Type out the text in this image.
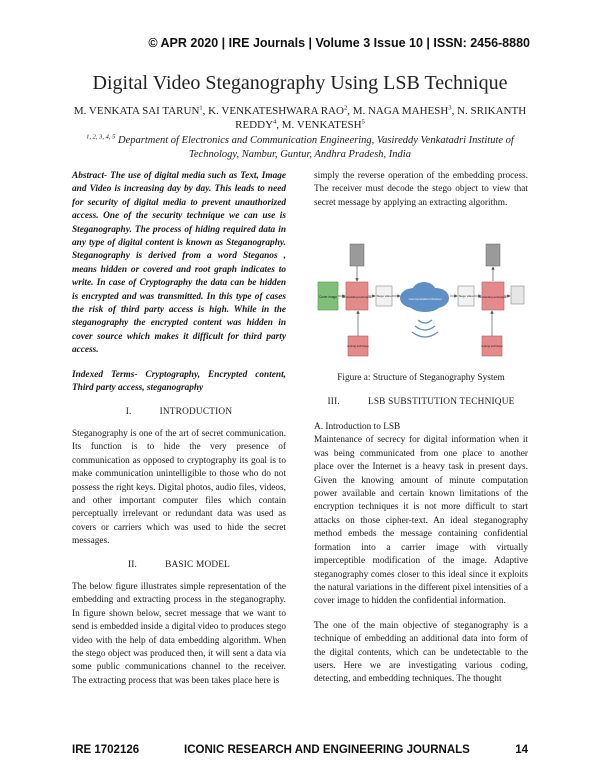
© APR 2020 | IRE Journals | Volume 3 Issue 10 | ISSN: 2456-8880
Digital Video Steganography Using LSB Technique
M. VENKATA SAI TARUN$^1$, K. VENKATESHWARA RAO$^2$, M. NAGA MAHESH$^3$, N. SRIKANTH REDDY$^4$, M. VENKATESH$^5$
$^{1, 2, 3, 4, 5}$ Department of Electronics and Communication Engineering, Vasireddy Venkatadri Institute of Technology, Nambur, Guntur, Andhra Pradesh, India

Abstract- The use of digital media such as Text, Image and Video is increasing day by day. This leads to need for security of digital media to prevent unauthorized access. One of the security technique we can use is Steganography. The process of hiding required data in any type of digital content is known as Steganography. Steganography is derived from a word Steganos , means hidden or covered and root graph indicates to write. In case of Cryptography the data can be hidden is encrypted and was transmitted. In this type of cases the risk of third party access is high. While in the steganography the encrypted content was hidden in cover source which makes it difficult for third party access.

Indexed Terms- Cryptography, Encrypted content, Third party access, steganography

I.	INTRODUCTION

Steganography is one of the art of secret communication. Its function is to hide the very presence of communication as opposed to cryptography its goal is to make communication unintelligible to those who do not possess the right keys. Digital photos, audio files, videos, and other important computer files which contain perceptually irrelevant or redundant data was used as covers or carriers which was used to hide the secret messages.

II.	BASIC MODEL

The below figure illustrates simple representation of the embedding and extracting process in the steganography. In figure shown below, secret message that we want to send is embedded inside a digital video to produces stego video with the help of data embedding algorithm. When the stego object was produced then, it will sent a data via some public communications channel to the receiver. The extracting process that was been takes place here is

simply the reverse operation of the embedding process. The receiver must decode the stego object to view that secret message by applying an extracting algorithm.

Cover image Embedding technique Stego video
Communication Channel
Stego video Extracting technique
Coding technique	Coding technique
Figure a: Structure of Steganography System
III.	LSB SUBSTITUTION TECHNIQUE
A. Introduction to LSB

Maintenance of secrecy for digital information when it was being communicated from one place to another place over the Internet is a heavy task in present days. Given the knowing amount of minute computation power available and certain known limitations of the encryption techniques it is not more difficult to start attacks on those cipher-text. An ideal steganography method embeds the message containing confidential formation into a carrier image with virtually imperceptible modification of the image. Adaptive steganography comes closer to this ideal since it exploits the natural variations in the different pixel intensities of a cover image to hidden the confidential information.

The one of the main objective of steganography is a technique of embedding an additional data into form of the digital contents, which can be undetectable to the users. Here we are investigating various coding, detecting, and embedding techniques. The thought

IRE 1702126	ICONIC RESEARCH AND ENGINEERING JOURNALS	14
